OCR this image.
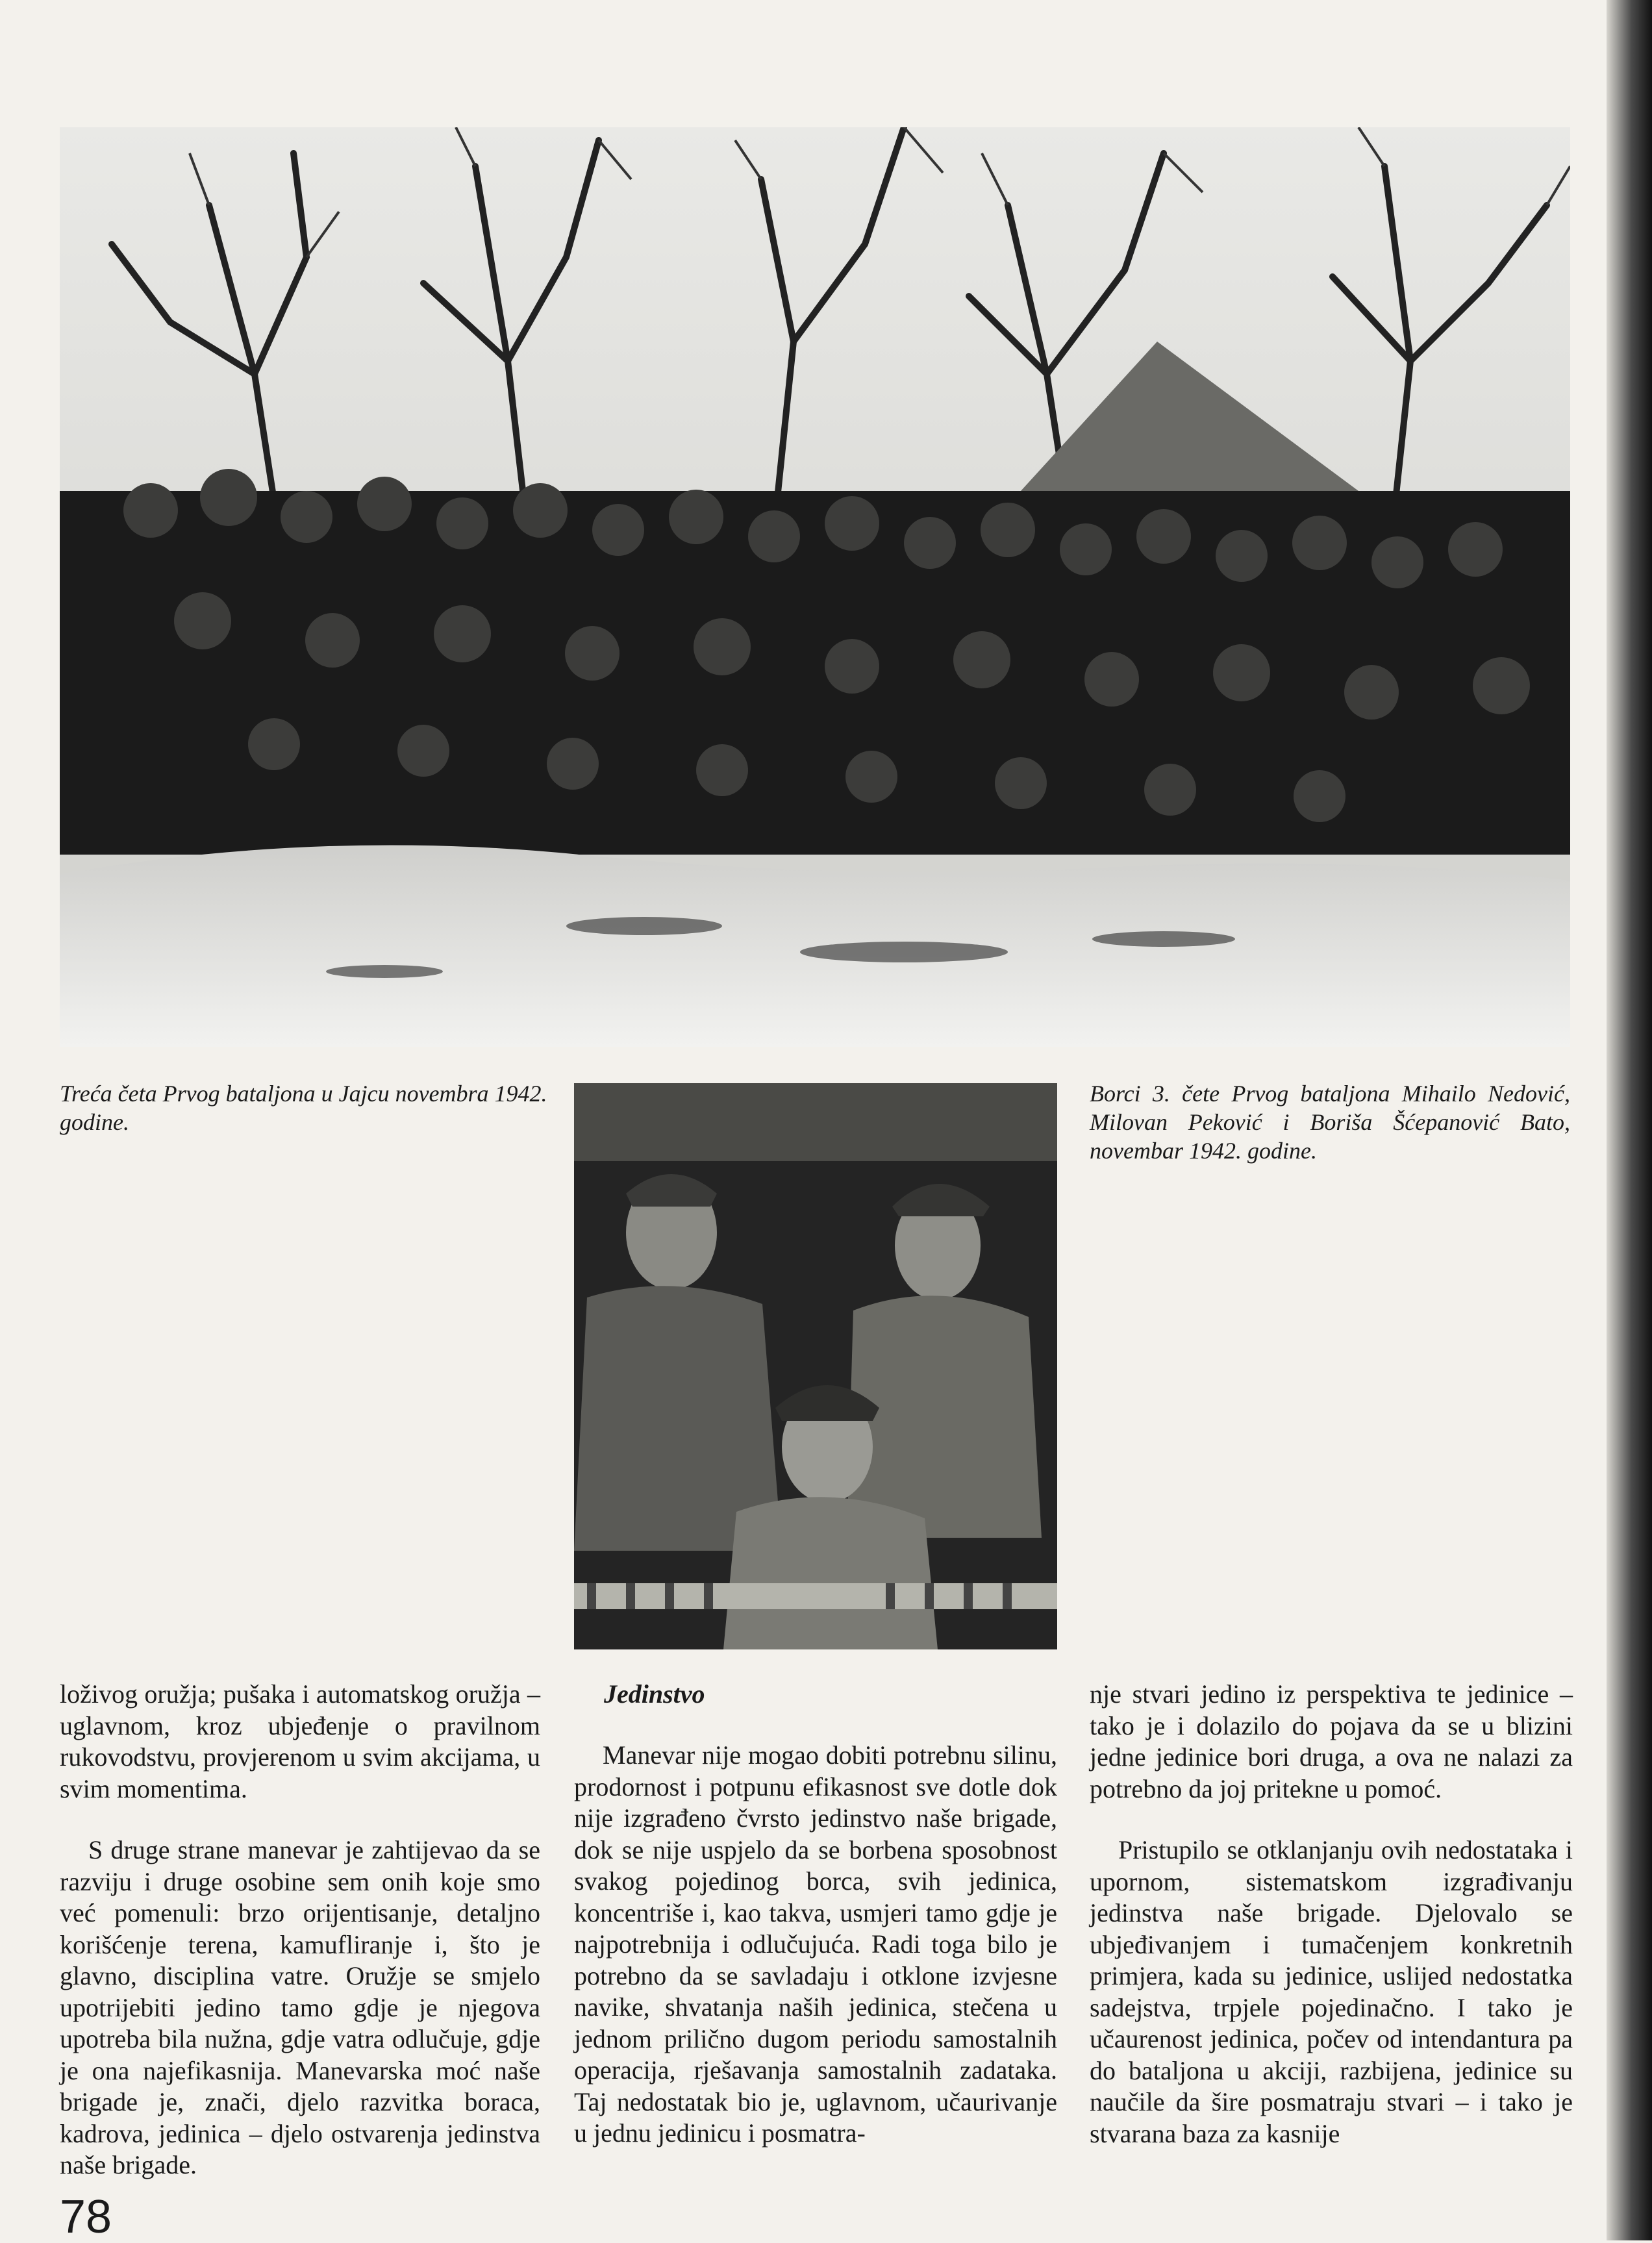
Treća četa Prvog bataljona u Jajcu novembra 1942. godine.

Borci 3. čete Prvog bataljona Mihailo Nedović, Milovan Peković i Boriša Šćepanović Bato, novembar 1942. godine.

loživog oružja; pušaka i automatskog oružja – uglavnom, kroz ubjeđenje o pravilnom rukovodstvu, provjerenom u svim akcijama, u svim momentima.

S druge strane manevar je zahtijevao da se razviju i druge osobine sem onih koje smo već pomenuli: brzo orijentisanje, detaljno korišćenje terena, kamufliranje i, što je glavno, disciplina vatre. Oružje se smjelo upotrijebiti jedino tamo gdje je njegova upotreba bila nužna, gdje vatra odlučuje, gdje je ona najefikasnija. Manevarska moć naše brigade je, znači, djelo razvitka boraca, kadrova, jedinica – djelo ostvarenja jedinstva naše brigade.

Jedinstvo

Manevar nije mogao dobiti potrebnu silinu, prodornost i potpunu efikasnost sve dotle dok nije izgrađeno čvrsto jedinstvo naše brigade, dok se nije uspjelo da se borbena sposobnost svakog pojedinog borca, svih jedinica, koncentriše i, kao takva, usmjeri tamo gdje je najpotrebnija i odlučujuća. Radi toga bilo je potrebno da se savladaju i otklone izvjesne navike, shvatanja naših jedinica, stečena u jednom prilično dugom periodu samostalnih operacija, rješavanja samostalnih zadataka. Taj nedostatak bio je, uglavnom, učaurivanje u jednu jedinicu i posmatra-

nje stvari jedino iz perspektiva te jedinice – tako je i dolazilo do pojava da se u blizini jedne jedinice bori druga, a ova ne nalazi za potrebno da joj pritekne u pomoć.

Pristupilo se otklanjanju ovih nedostataka i upornom, sistematskom izgrađivanju jedinstva naše brigade. Djelovalo se ubjeđivanjem i tumačenjem konkretnih primjera, kada su jedinice, uslijed nedostatka sadejstva, trpjele pojedinačno. I tako je učaurenost jedinica, počev od intendantura pa do bataljona u akciji, razbijena, jedinice su naučile da šire posmatraju stvari – i tako je stvarana baza za kasnije

78
